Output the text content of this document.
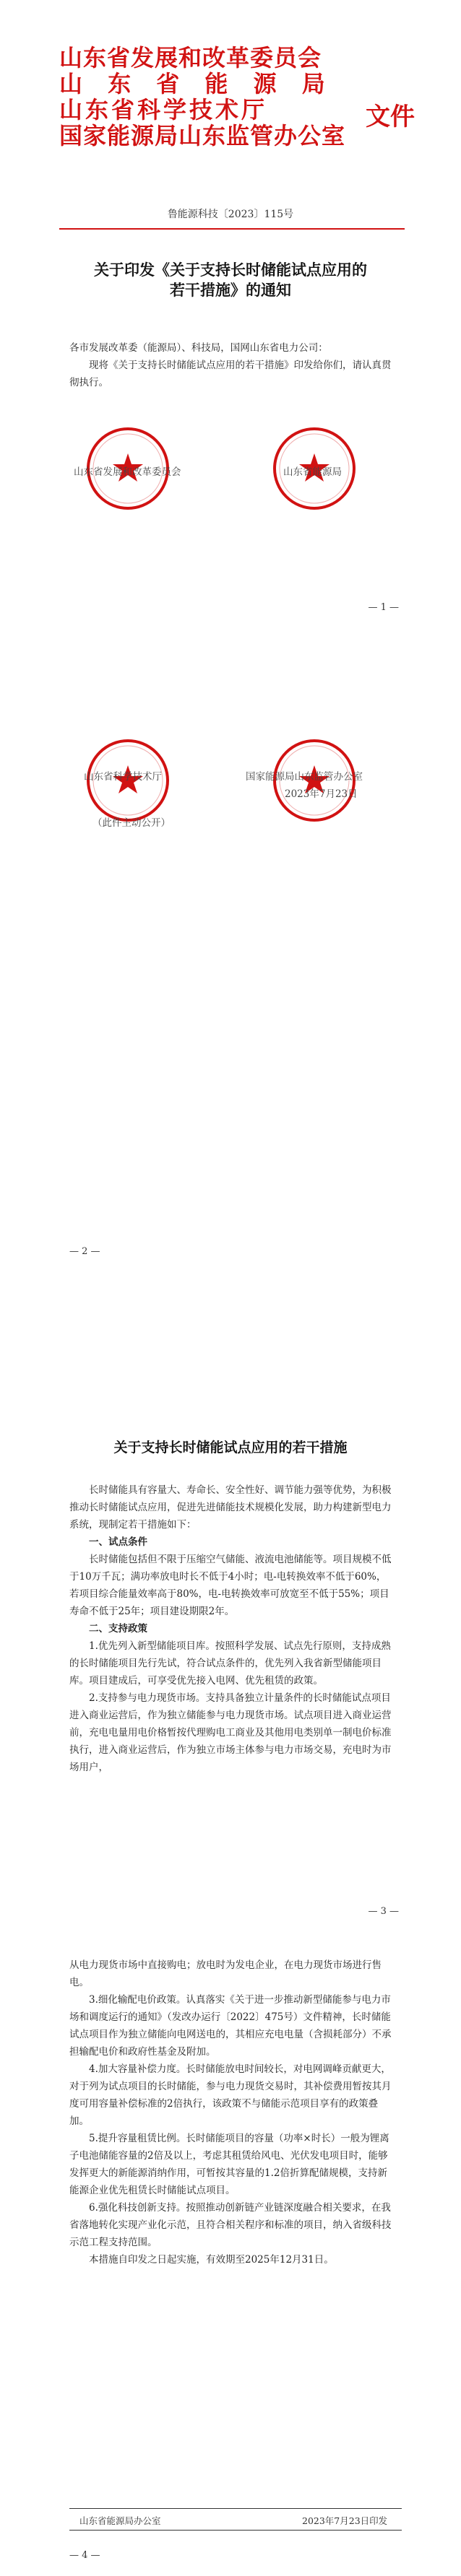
山东省发展和改革委员会
山 东 省 能 源 局
山东省科学技术厅
国家能源局山东监管办公室
文件
鲁能源科技〔2023〕115号
关于印发《关于支持长时储能试点应用的
若干措施》的通知
各市发展改革委（能源局）、科技局，国网山东省电力公司：

现将《关于支持长时储能试点应用的若干措施》印发给你们，请认真贯彻执行。

山东省发展和改革委员会	山东省能源局
— 1 —
山东省科学技术厅	国家能源局山东监管办公室
2023年7月23日
（此件主动公开）
— 2 —
关于支持长时储能试点应用的若干措施

长时储能具有容量大、寿命长、安全性好、调节能力强等优势，为积极推动长时储能试点应用，促进先进储能技术规模化发展，助力构建新型电力系统，现制定若干措施如下：

一、试点条件

长时储能包括但不限于压缩空气储能、液流电池储能等。项目规模不低于10万千瓦；满功率放电时长不低于4小时；电-电转换效率不低于60%，若项目综合能量效率高于80%，电-电转换效率可放宽至不低于55%；项目寿命不低于25年；项目建设期限2年。

二、支持政策

1.优先列入新型储能项目库。按照科学发展、试点先行原则，支持成熟的长时储能项目先行先试，符合试点条件的，优先列入我省新型储能项目库。项目建成后，可享受优先接入电网、优先租赁的政策。

2.支持参与电力现货市场。支持具备独立计量条件的长时储能试点项目进入商业运营后，作为独立储能参与电力现货市场。试点项目进入商业运营前，充电电量用电价格暂按代理购电工商业及其他用电类别单一制电价标准执行，进入商业运营后，作为独立市场主体参与电力市场交易，充电时为市场用户，

— 3 —

从电力现货市场中直接购电；放电时为发电企业，在电力现货市场进行售电。

3.细化输配电价政策。认真落实《关于进一步推动新型储能参与电力市场和调度运行的通知》（发改办运行〔2022〕475号）文件精神，长时储能试点项目作为独立储能向电网送电的，其相应充电电量（含损耗部分）不承担输配电价和政府性基金及附加。

4.加大容量补偿力度。长时储能放电时间较长，对电网调峰贡献更大，对于列为试点项目的长时储能，参与电力现货交易时，其补偿费用暂按其月度可用容量补偿标准的2倍执行，该政策不与储能示范项目享有的政策叠加。

5.提升容量租赁比例。长时储能项目的容量（功率×时长）一般为锂离子电池储能容量的2倍及以上，考虑其租赁给风电、光伏发电项目时，能够发挥更大的新能源消纳作用，可暂按其容量的1.2倍折算配储规模，支持新能源企业优先租赁长时储能试点项目。

6.强化科技创新支持。按照推动创新链产业链深度融合相关要求，在我省落地转化实现产业化示范，且符合相关程序和标准的项目，纳入省级科技示范工程支持范围。

本措施自印发之日起实施，有效期至2025年12月31日。

山东省能源局办公室	2023年7月23日印发
— 4 —
